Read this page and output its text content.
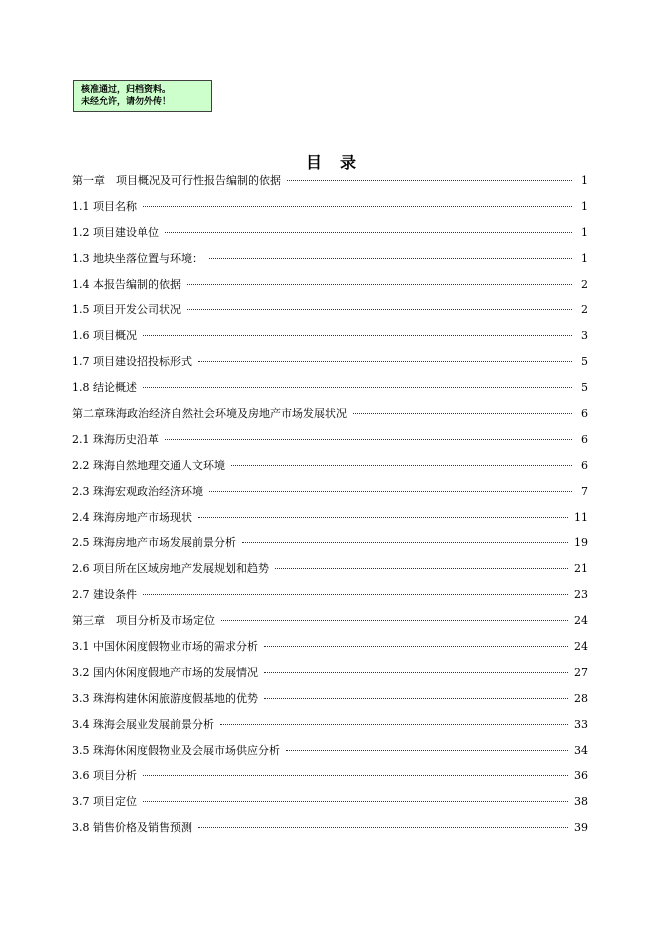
核准通过，归档资料。
未经允许，请勿外传！
目录
第一章　项目概况及可行性报告编制的依据	1
1.1 项目名称	1
1.2 项目建设单位	1
1.3 地块坐落位置与环境：	1
1.4 本报告编制的依据	2
1.5 项目开发公司状况	2
1.6 项目概况	3
1.7 项目建设招投标形式	5
1.8 结论概述	5
第二章珠海政治经济自然社会环境及房地产市场发展状况	6
2.1 珠海历史沿革	6
2.2 珠海自然地理交通人文环境	6
2.3 珠海宏观政治经济环境	7
2.4 珠海房地产市场现状	11
2.5 珠海房地产市场发展前景分析	19
2.6 项目所在区域房地产发展规划和趋势	21
2.7 建设条件	23
第三章　项目分析及市场定位	24
3.1 中国休闲度假物业市场的需求分析	24
3.2 国内休闲度假地产市场的发展情况	27
3.3 珠海构建休闲旅游度假基地的优势	28
3.4 珠海会展业发展前景分析	33
3.5 珠海休闲度假物业及会展市场供应分析	34
3.6 项目分析	36
3.7 项目定位	38
3.8 销售价格及销售预测	39
